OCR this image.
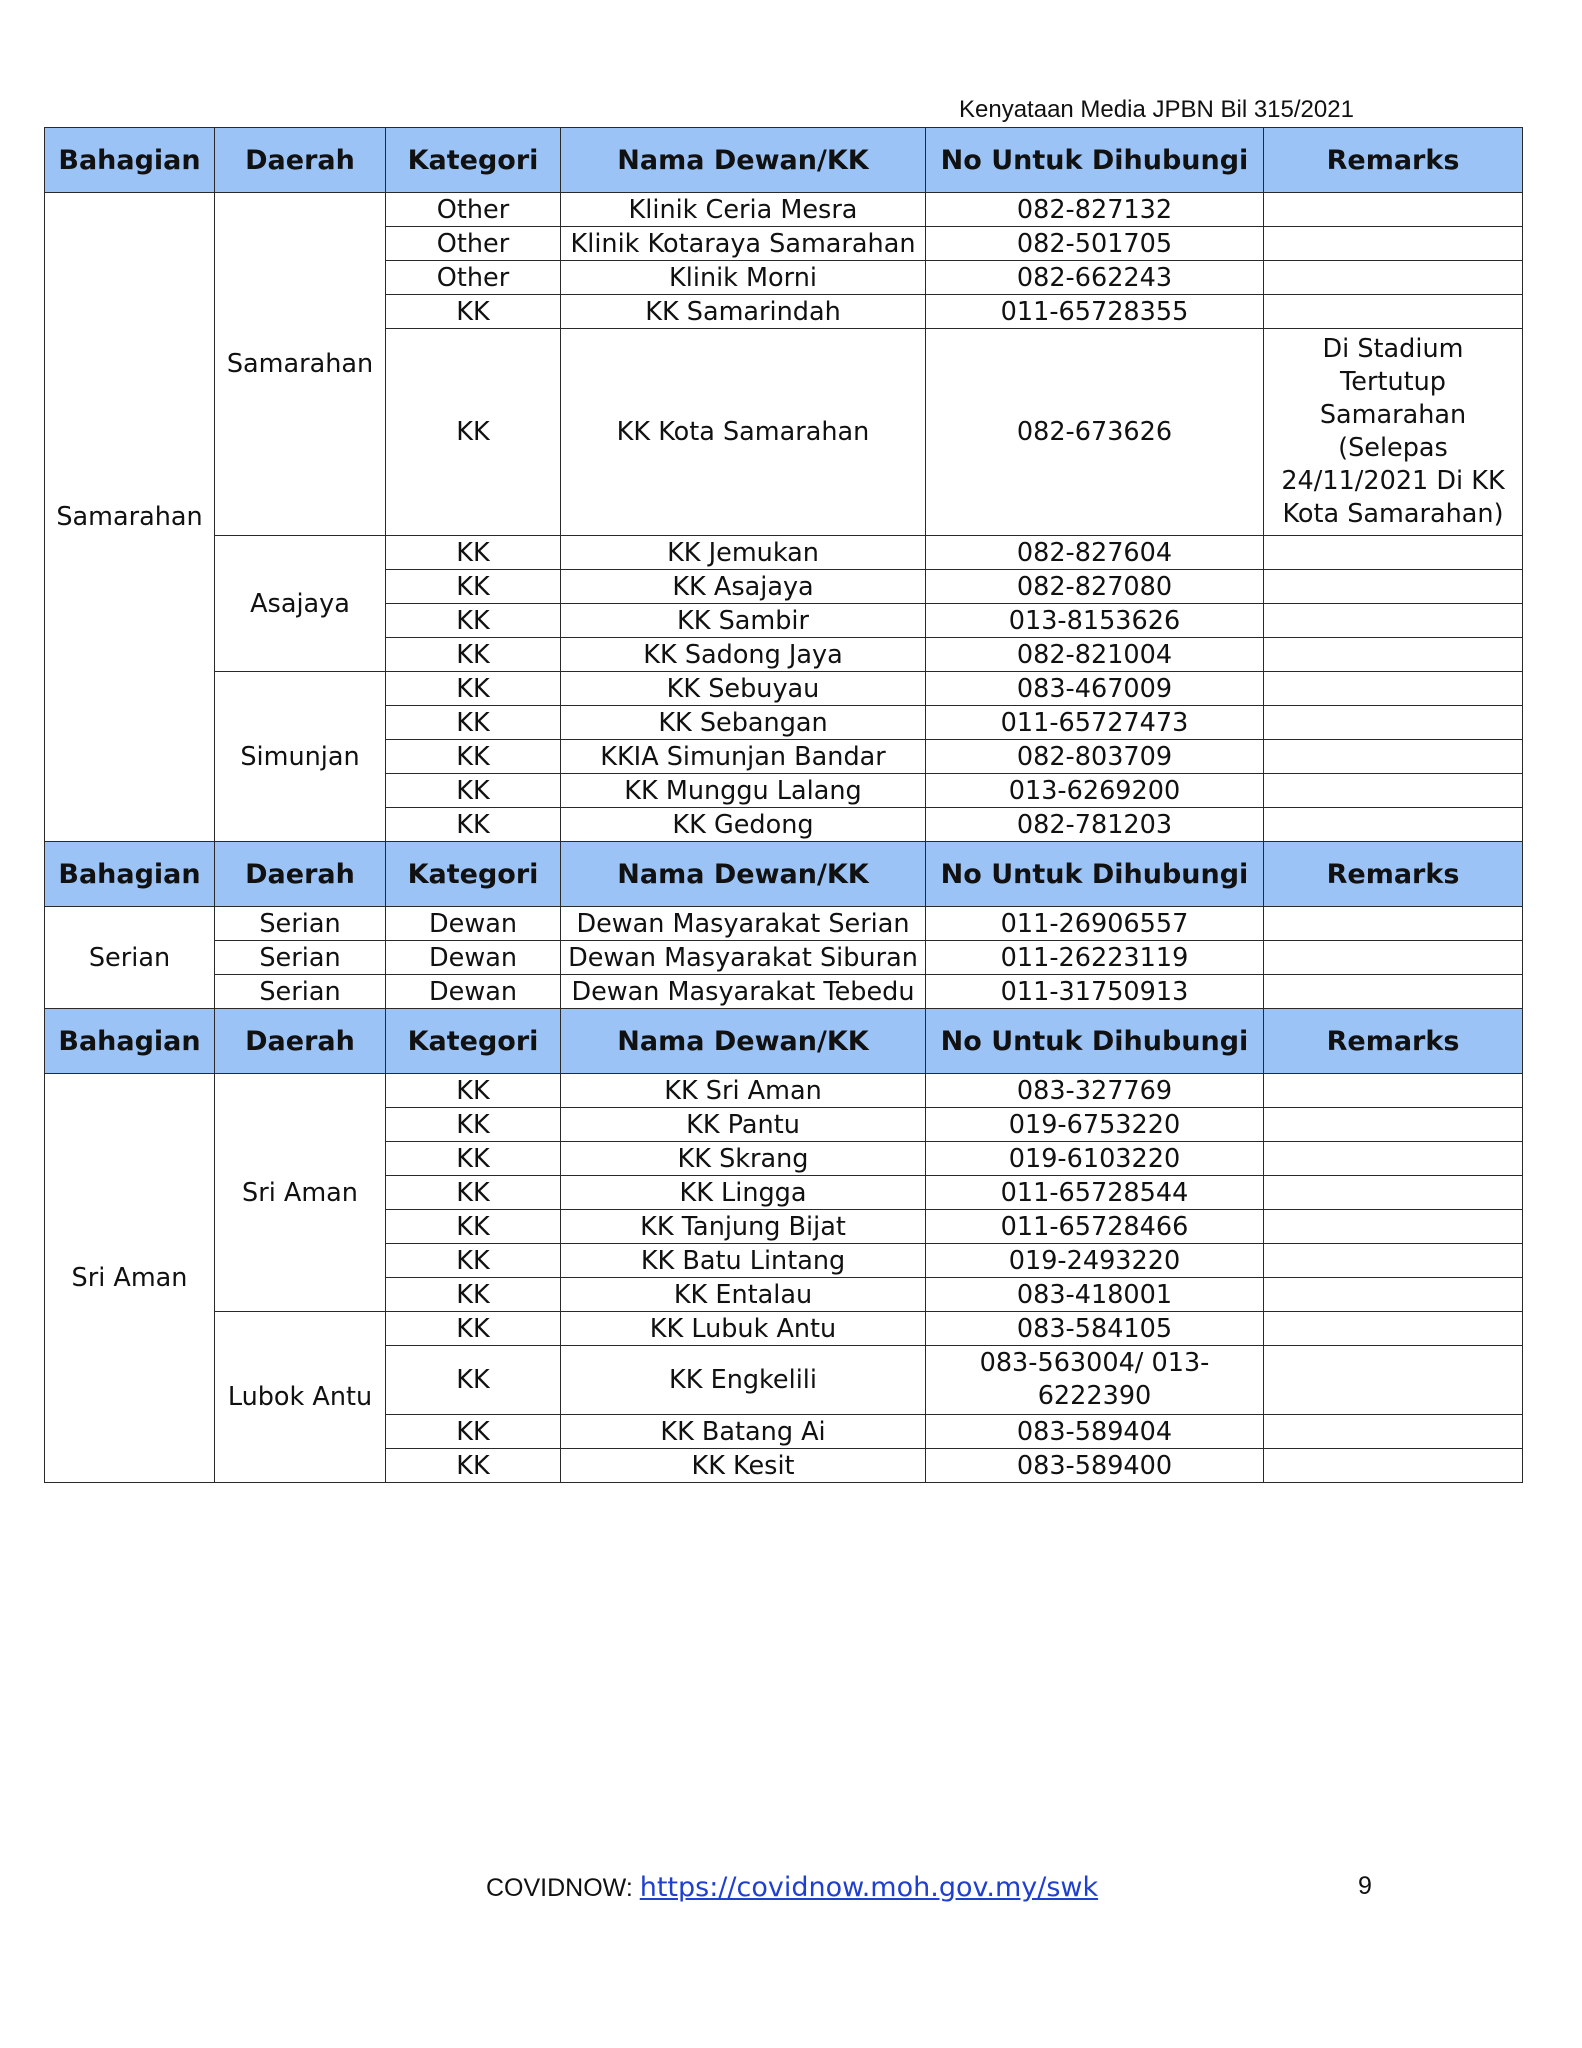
Kenyataan Media JPBN Bil 315/2021
Bahagian	Daerah	Kategori	Nama Dewan/KK	No Untuk Dihubungi	Remarks
Samarahan	Samarahan	Other	Klinik Ceria Mesra	082-827132	
		Other	Klinik Kotaraya Samarahan	082-501705	
		Other	Klinik Morni	082-662243	
		KK	KK Samarindah	011-65728355	
		KK	KK Kota Samarahan	082-673626	Di Stadium Tertutup Samarahan (Selepas 24/11/2021 Di KK Kota Samarahan)
	Asajaya	KK	KK Jemukan	082-827604	
		KK	KK Asajaya	082-827080	
		KK	KK Sambir	013-8153626	
		KK	KK Sadong Jaya	082-821004	
	Simunjan	KK	KK Sebuyau	083-467009	
		KK	KK Sebangan	011-65727473	
		KK	KKIA Simunjan Bandar	082-803709	
		KK	KK Munggu Lalang	013-6269200	
		KK	KK Gedong	082-781203	
Bahagian	Daerah	Kategori	Nama Dewan/KK	No Untuk Dihubungi	Remarks
Serian	Serian	Dewan	Dewan Masyarakat Serian	011-26906557	
	Serian	Dewan	Dewan Masyarakat Siburan	011-26223119	
	Serian	Dewan	Dewan Masyarakat Tebedu	011-31750913	
Bahagian	Daerah	Kategori	Nama Dewan/KK	No Untuk Dihubungi	Remarks
Sri Aman	Sri Aman	KK	KK Sri Aman	083-327769	
		KK	KK Pantu	019-6753220	
		KK	KK Skrang	019-6103220	
		KK	KK Lingga	011-65728544	
		KK	KK Tanjung Bijat	011-65728466	
		KK	KK Batu Lintang	019-2493220	
		KK	KK Entalau	083-418001	
	Lubok Antu	KK	KK Lubuk Antu	083-584105	
		KK	KK Engkelili	083-563004/ 013-6222390	
		KK	KK Batang Ai	083-589404	
		KK	KK Kesit	083-589400	
COVIDNOW: https://covidnow.moh.gov.my/swk	9
